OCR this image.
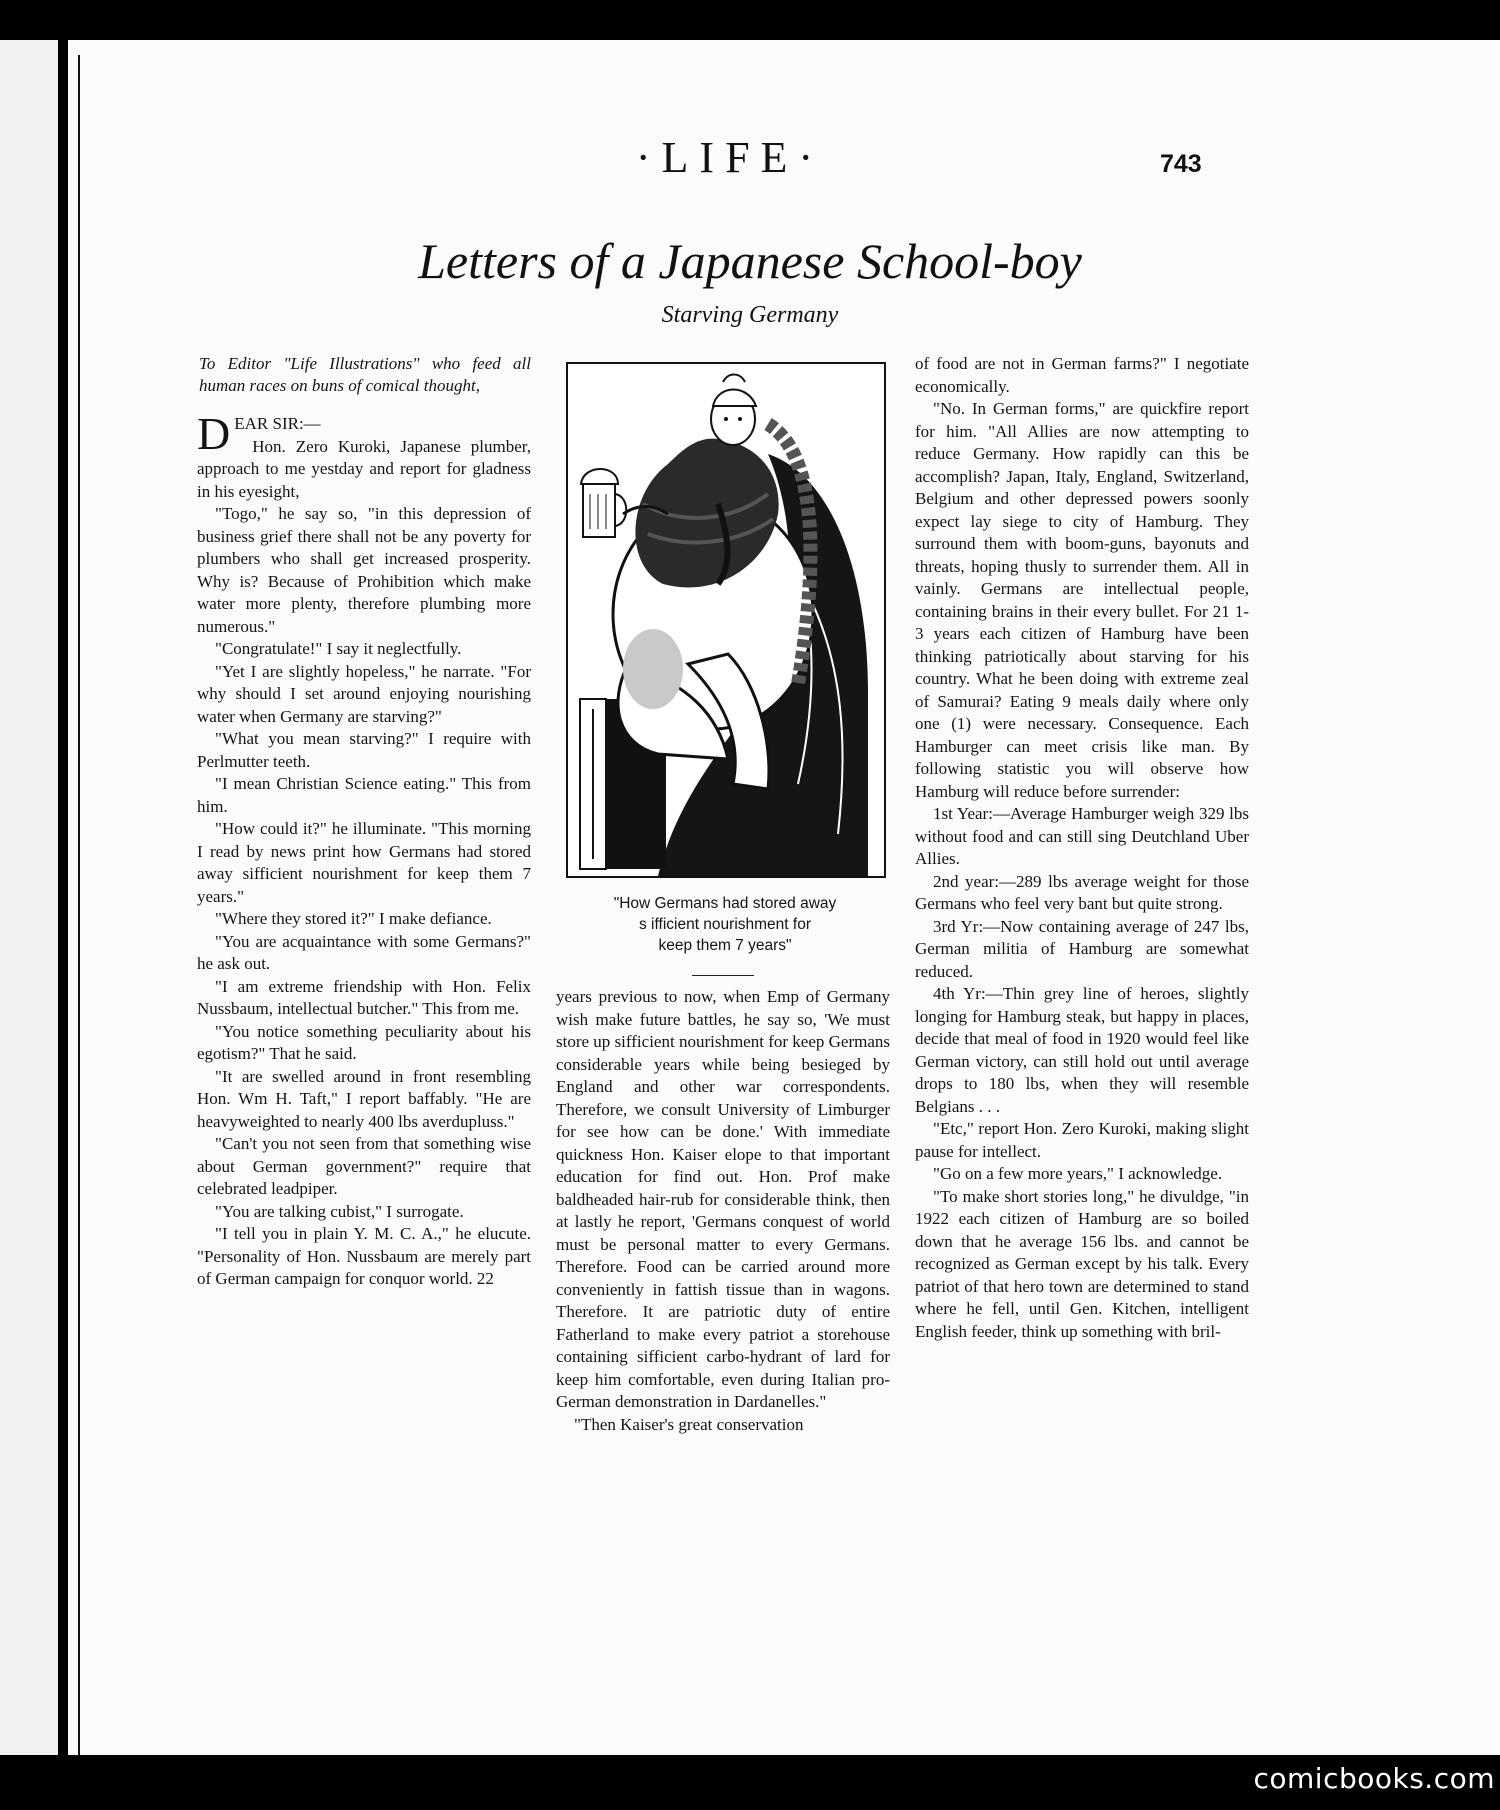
·LIFE·	743
Letters of a Japanese School-boy
Starving Germany

To Editor "Life Illustrations" who feed all human races on buns of comical thought,

DEAR SIR:—

Hon. Zero Kuroki, Japanese plumber, approach to me yestday and report for gladness in his eyesight,

"Togo," he say so, "in this depression of business grief there shall not be any poverty for plumbers who shall get increased prosperity. Why is? Because of Prohibition which make water more plenty, therefore plumbing more numerous."

"Congratulate!" I say it neglectfully.

"Yet I are slightly hopeless," he narrate. "For why should I set around enjoying nourishing water when Germany are starving?"

"What you mean starving?" I require with Perlmutter teeth.

"I mean Christian Science eating." This from him.

"How could it?" he illuminate. "This morning I read by news print how Germans had stored away sifficient nourishment for keep them 7 years."

"Where they stored it?" I make defiance.

"You are acquaintance with some Germans?" he ask out.

"I am extreme friendship with Hon. Felix Nussbaum, intellectual butcher." This from me.

"You notice something peculiarity about his egotism?" That he said.

"It are swelled around in front resembling Hon. Wm H. Taft," I report baffably. "He are heavyweighted to nearly 400 lbs averdupluss."

"Can't you not seen from that something wise about German government?" require that celebrated leadpiper.

"You are talking cubist," I surrogate.

"I tell you in plain Y. M. C. A.," he elucute. "Personality of Hon. Nussbaum are merely part of German campaign for conquor world. 22

"How Germans had stored away
s ifficient nourishment for
keep them 7 years"

years previous to now, when Emp of Germany wish make future battles, he say so, 'We must store up sifficient nourishment for keep Germans considerable years while being besieged by England and other war correspondents. Therefore, we consult University of Limburger for see how can be done.' With immediate quickness Hon. Kaiser elope to that important education for find out. Hon. Prof make baldheaded hair-rub for considerable think, then at lastly he report, 'Germans conquest of world must be personal matter to every Germans. Therefore. Food can be carried around more conveniently in fattish tissue than in wagons. Therefore. It are patriotic duty of entire Fatherland to make every patriot a storehouse containing sifficient carbo-hydrant of lard for keep him comfortable, even during Italian pro-German demonstration in Dardanelles."

"Then Kaiser's great conservation

of food are not in German farms?" I negotiate economically.

"No. In German forms," are quickfire report for him. "All Allies are now attempting to reduce Germany. How rapidly can this be accomplish? Japan, Italy, England, Switzerland, Belgium and other depressed powers soonly expect lay siege to city of Hamburg. They surround them with boom-guns, bayonuts and threats, hoping thusly to surrender them. All in vainly. Germans are intellectual people, containing brains in their every bullet. For 21 1-3 years each citizen of Hamburg have been thinking patriotically about starving for his country. What he been doing with extreme zeal of Samurai? Eating 9 meals daily where only one (1) were necessary. Consequence. Each Hamburger can meet crisis like man. By following statistic you will observe how Hamburg will reduce before surrender:

1st Year:—Average Hamburger weigh 329 lbs without food and can still sing Deutchland Uber Allies.

2nd year:—289 lbs average weight for those Germans who feel very bant but quite strong.

3rd Yr:—Now containing average of 247 lbs, German militia of Hamburg are somewhat reduced.

4th Yr:—Thin grey line of heroes, slightly longing for Hamburg steak, but happy in places, decide that meal of food in 1920 would feel like German victory, can still hold out until average drops to 180 lbs, when they will resemble Belgians . . .

"Etc," report Hon. Zero Kuroki, making slight pause for intellect.

"Go on a few more years," I acknowledge.

"To make short stories long," he divuldge, "in 1922 each citizen of Hamburg are so boiled down that he average 156 lbs. and cannot be recognized as German except by his talk. Every patriot of that hero town are determined to stand where he fell, until Gen. Kitchen, intelligent English feeder, think up something with bril-

comicbooks.com
